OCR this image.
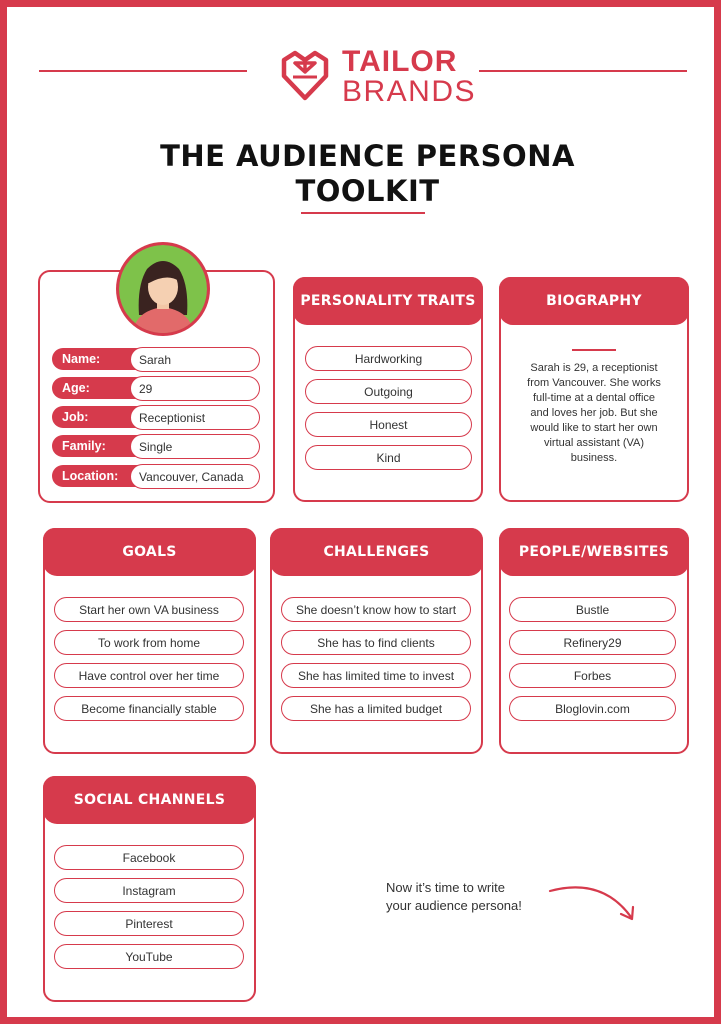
TAILOR
BRANDS
THE AUDIENCE PERSONA
TOOLKIT
Name:	Sarah
Age:	29
Job:	Receptionist
Family:	Single
Location:	Vancouver, Canada
PERSONALITY TRAITS
Hardworking
Outgoing
Honest
Kind
BIOGRAPHY
Sarah is 29, a receptionist from Vancouver. She works full-time at a dental office and loves her job. But she would like to start her own virtual assistant (VA) business.
GOALS
Start her own VA business
To work from home
Have control over her time
Become financially stable
CHALLENGES
She doesn’t know how to start
She has to find clients
She has limited time to invest
She has a limited budget
PEOPLE/WEBSITES
Bustle
Refinery29
Forbes
Bloglovin.com
SOCIAL CHANNELS
Facebook
Instagram
Pinterest
YouTube
Now it’s time to write
your audience persona!
